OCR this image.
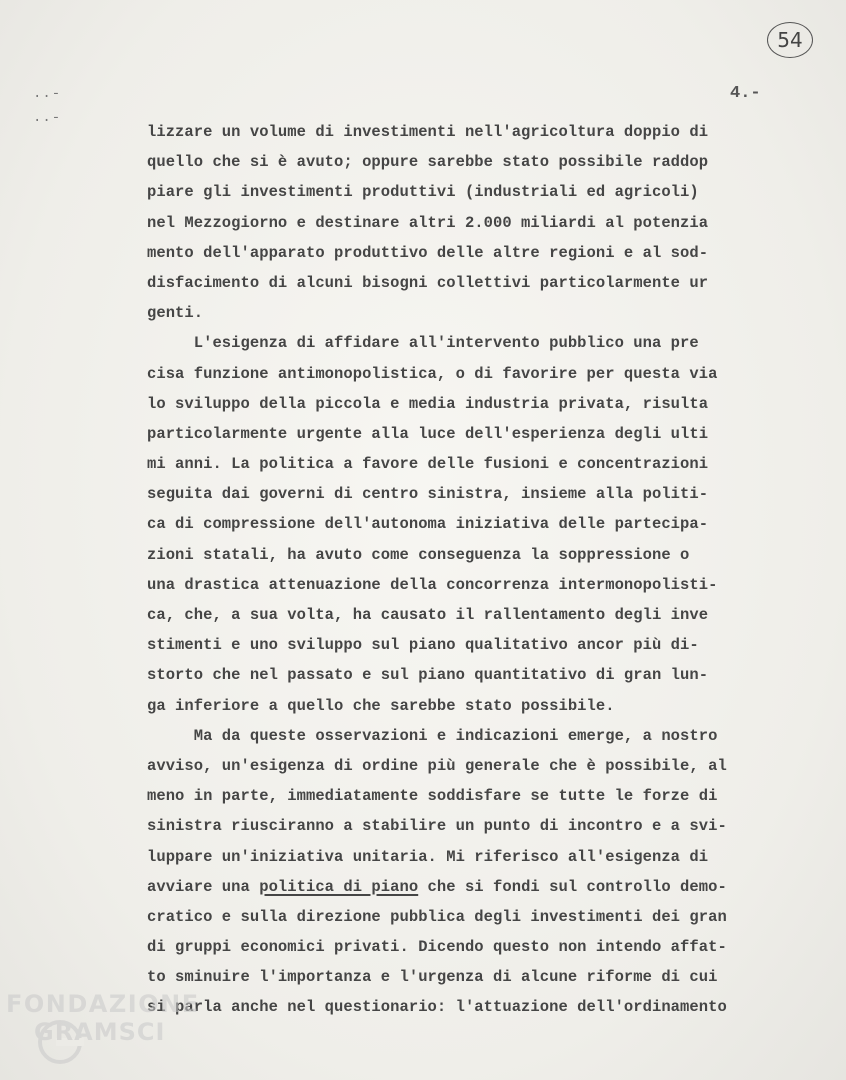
54
4.-
..-
..-
lizzare un volume di investimenti nell'agricoltura doppio di
quello che si è avuto; oppure sarebbe stato possibile raddop
piare gli investimenti produttivi (industriali ed agricoli)
nel Mezzogiorno e destinare altri 2.000 miliardi al potenzia
mento dell'apparato produttivo delle altre regioni e al sod-
disfacimento di alcuni bisogni collettivi particolarmente ur
genti.
L'esigenza di affidare all'intervento pubblico una pre
cisa funzione antimonopolistica, o di favorire per questa via
lo sviluppo della piccola e media industria privata, risulta
particolarmente urgente alla luce dell'esperienza degli ulti
mi anni. La politica a favore delle fusioni e concentrazioni
seguita dai governi di centro sinistra, insieme alla politi-
ca di compressione dell'autonoma iniziativa delle partecipa-
zioni statali, ha avuto come conseguenza la soppressione o
una drastica attenuazione della concorrenza intermonopolisti-
ca, che, a sua volta, ha causato il rallentamento degli inve
stimenti e uno sviluppo sul piano qualitativo ancor più di-
storto che nel passato e sul piano quantitativo di gran lun-
ga inferiore a quello che sarebbe stato possibile.
Ma da queste osservazioni e indicazioni emerge, a nostro
avviso, un'esigenza di ordine più generale che è possibile, al
meno in parte, immediatamente soddisfare se tutte le forze di
sinistra riusciranno a stabilire un punto di incontro e a svi-
luppare un'iniziativa unitaria. Mi riferisco all'esigenza di
avviare una politica di piano che si fondi sul controllo demo-
cratico e sulla direzione pubblica degli investimenti dei gran
di gruppi economici privati. Dicendo questo non intendo affat-
to sminuire l'importanza e l'urgenza di alcune riforme di cui
si parla anche nel questionario: l'attuazione dell'ordinamento
FONDAZIONE
GRAMSCI
